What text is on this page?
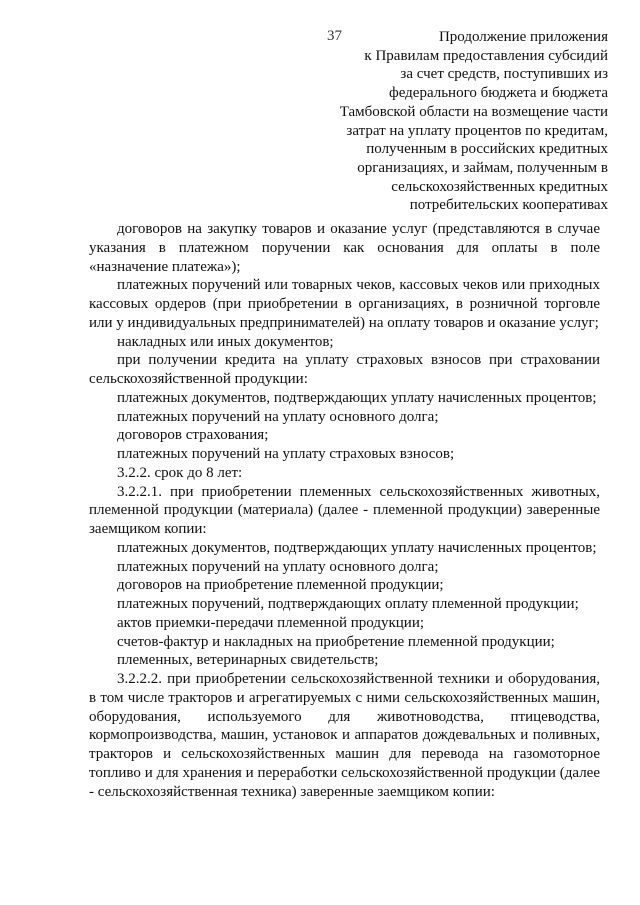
37	Продолжение приложения
к Правилам предоставления субсидий
за счет средств, поступивших из
федерального бюджета и бюджета
Тамбовской области на возмещение части
затрат на уплату процентов по кредитам,
полученным в российских кредитных
организациях, и займам, полученным в
сельскохозяйственных кредитных
потребительских кооперативах

договоров на закупку товаров и оказание услуг (представляются в случае указания в платежном поручении как основания для оплаты в поле «назначение платежа»);

платежных поручений или товарных чеков, кассовых чеков или приходных кассовых ордеров (при приобретении в организациях, в розничной торговле или у индивидуальных предпринимателей) на оплату товаров и оказание услуг;

накладных или иных документов;

при получении кредита на уплату страховых взносов при страховании сельскохозяйственной продукции:

платежных документов, подтверждающих уплату начисленных процентов;

платежных поручений на уплату основного долга;

договоров страхования;

платежных поручений на уплату страховых взносов;

3.2.2. срок до 8 лет:

3.2.2.1. при приобретении племенных сельскохозяйственных животных, племенной продукции (материала) (далее - племенной продукции) заверенные заемщиком копии:

платежных документов, подтверждающих уплату начисленных процентов;

платежных поручений на уплату основного долга;

договоров на приобретение племенной продукции;

платежных поручений, подтверждающих оплату племенной продукции;

актов приемки-передачи племенной продукции;

счетов-фактур и накладных на приобретение племенной продукции;

племенных, ветеринарных свидетельств;

3.2.2.2. при приобретении сельскохозяйственной техники и оборудования, в том числе тракторов и агрегатируемых с ними сельскохозяйственных машин, оборудования, используемого для животноводства, птицеводства, кормопроизводства, машин, установок и аппаратов дождевальных и поливных, тракторов и сельскохозяйственных машин для перевода на газомоторное топливо и для хранения и переработки сельскохозяйственной продукции (далее - сельскохозяйственная техника) заверенные заемщиком копии:
